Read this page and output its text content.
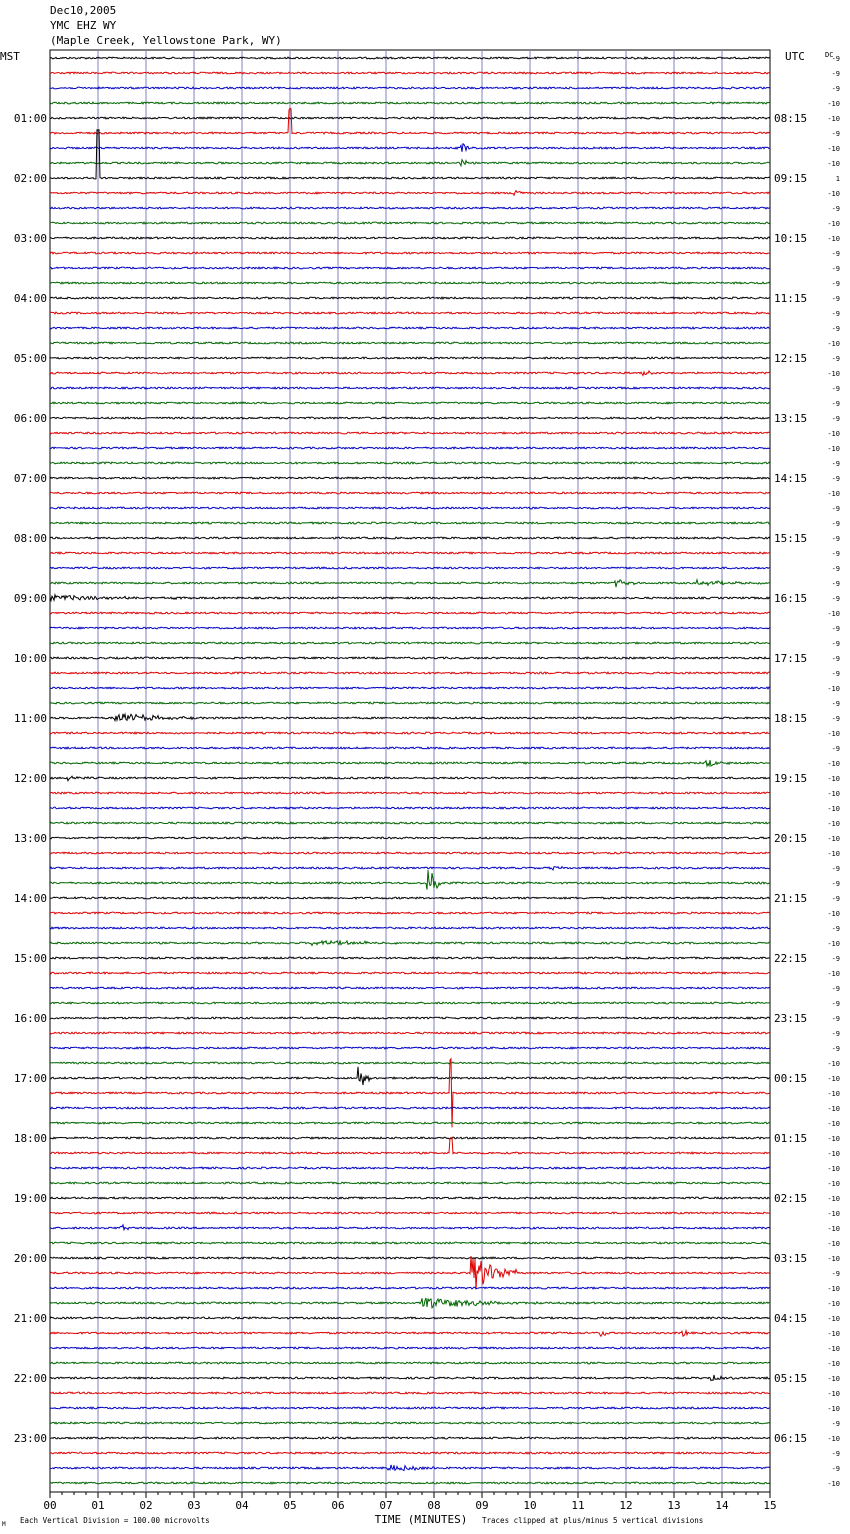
Dec10,2005
YMC EHZ WY
(Maple Creek, Yellowstone Park, WY)
MST	UTC	-9
-9
-9
-10
-10
-9
-10
-10
1
-10
-9
-10
-10
-9
-9
-9
-9
-9
-9
-10
-9
-10
-9
-9
-9
-10
-10
-9
-9
-10
-9
-9
-9
-9
-9
-9
-9
-10
-9
-9
-9
-9
-10
-9
-9
-10
-9
-10
-10
-10
-10
-10
-10
-10
-9
-9
-9
-10
-9
-10
-9
-10
-9
-9
-9
-9
-9
-10
-10
-10
-10
-10
-10
-10
-10
-10
-10
-10
-10
-10
-10
-9
-10
-10
-10
-10
-10
-10
-10
-10
-10
-9
-10
-9
-9
-10
DC
01:00
02:00
03:00
04:00
05:00
06:00
07:00
08:00
09:00
10:00
11:00
12:00
13:00
14:00
15:00
16:00
17:00
18:00
19:00
20:00
21:00
22:00
23:00
08:15
09:15
10:15
11:15
12:15
13:15
14:15
15:15
16:15
17:15
18:15
19:15
20:15
21:15
22:15
23:15
00:15
01:15
02:15
03:15
04:15
05:15
06:15
00	01	02	03	04	05	06	07	08	09	10	11	12	13	14	15
TIME (MINUTES)
Each Vertical Division = 100.00 microvolts	Traces clipped at plus/minus 5 vertical divisions
M
